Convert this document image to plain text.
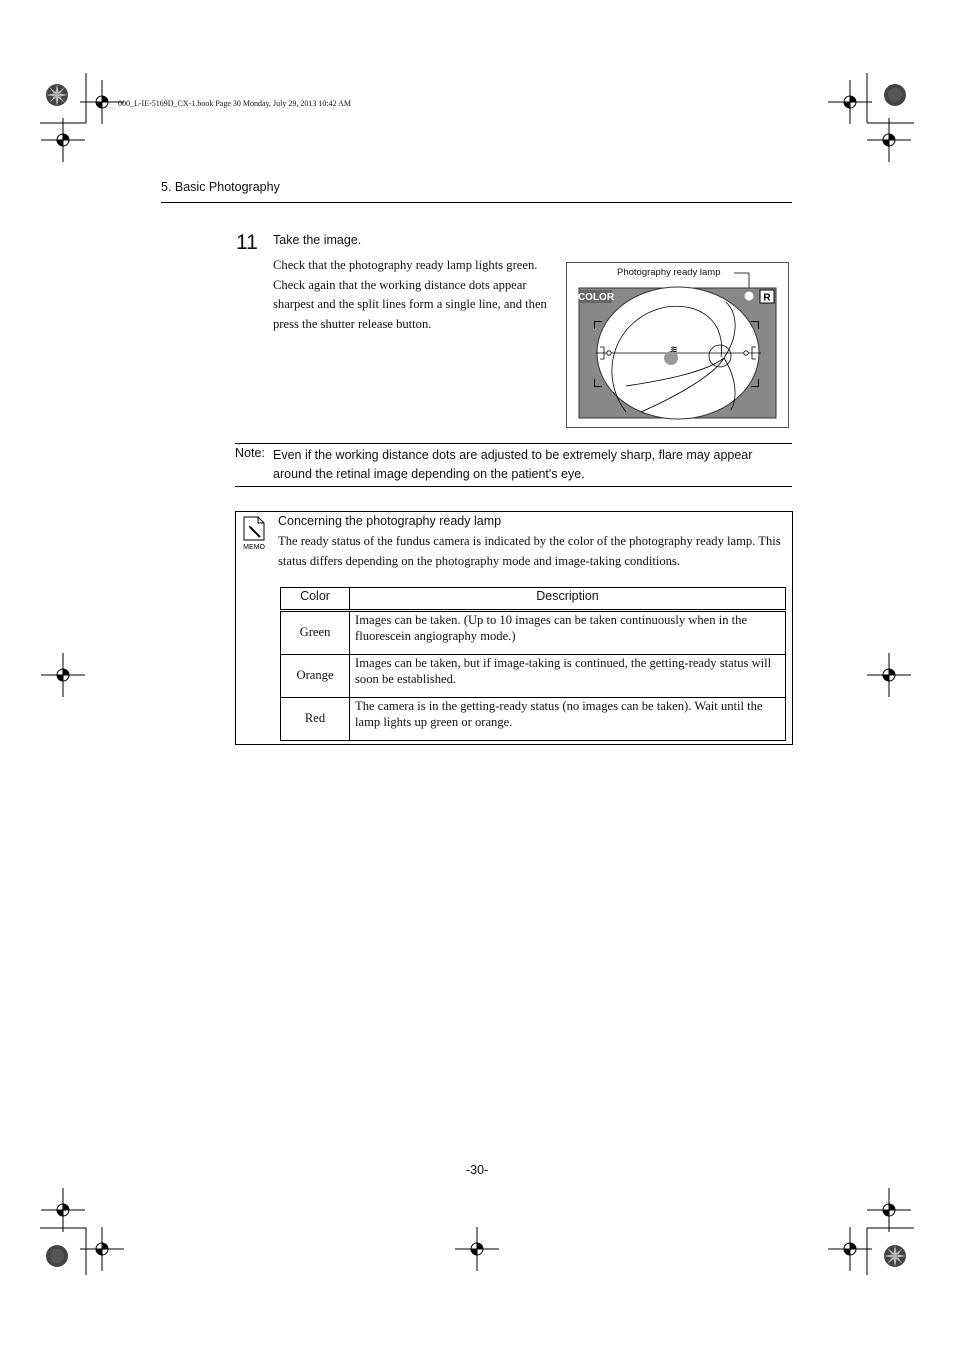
000_L-IE-5169D_CX-1.book Page 30 Monday, July 29, 2013 10:42 AM
5. Basic Photography
11 Take the image.
Check that the photography ready lamp lights green. Check again that the working distance dots appear sharpest and the split lines form a single line, and then press the shutter release button.
Photography ready lamp
≋
COLOR	R
Note: Even if the working distance dots are adjusted to be extremely sharp, flare may appear around the retinal image depending on the patient's eye.
MEMO
Concerning the photography ready lamp
The ready status of the fundus camera is indicated by the color of the photography ready lamp. This status differs depending on the photography mode and image-taking conditions.
Color	Description
Green	Images can be taken. (Up to 10 images can be taken continuously when in the fluorescein angiography mode.)
Orange	Images can be taken, but if image-taking is continued, the getting-ready status will soon be established.
Red	The camera is in the getting-ready status (no images can be taken). Wait until the lamp lights up green or orange.
-30-
